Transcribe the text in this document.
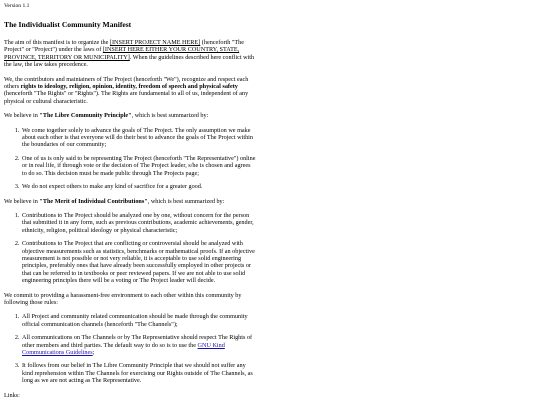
Version 1.1
The Individualist Community Manifest

The aim of this manifest is to organize the [INSERT PROJECT NAME HERE] (henceforth "The Project" or "Project") under the laws of [INSERT HERE EITHER YOUR COUNTRY, STATE, PROVINCE, TERRITORY OR MUNICIPALITY]. When the guidelines described here conflict with the law, the law takes precedence.

We, the contributors and maintainers of The Project (henceforth "We"), recognize and respect each others rights to ideology, religion, opinion, identity, freedom of speech and physical safety (henceforth "The Rights" or "Rights"). The Rights are fundamental to all of us, independent of any physical or cultural characteristic.

We believe in "The Libre Community Principle", which is best summarized by:

1. We come together solely to advance the goals of The Project. The only assumption we make about each other is that everyone will do their best to advance the goals of The Project within the boundaries of our community;
2. One of us is only said to be representing The Project (henceforth "The Representative") online or in real life, if through vote or the decision of The Project leader, s/he is chosen and agrees to do so. This decision must be made public through The Projects page;
3. We do not expect others to make any kind of sacrifice for a greater good.

We believe in "The Merit of Individual Contributions", which is best summarized by:

1. Contributions to The Project should be analyzed one by one, without concern for the person that submitted it in any form, such as previous contributions, academic achievements, gender, ethnicity, religion, political ideology or physical characteristic;
2. Contributions to The Project that are conflicting or controversial should be analyzed with objective measurements such as statistics, benchmarks or mathematical proofs. If an objective measurement is not possible or not very reliable, it is acceptable to use solid engineering principles, preferably ones that have already been successfully employed in other projects or that can be referred to in textbooks or peer reviewed papers. If we are not able to use solid engineering principles there will be a voting or The Project leader will decide.

We commit to providing a harassment-free environment to each other within this community by following those rules:

1. All Project and community related communication should be made through the community official communication channels (henceforth "The Channels");
2. All communications on The Channels or by The Representative should respect The Rights of other members and third parties. The default way to do so is to use the GNU Kind Communications Guidelines;
3. It follows from our belief in The Libre Community Principle that we should not suffer any kind reprehension within The Channels for exercising our Rights outside of The Channels, as long as we are not acting as The Representative.

Links:
